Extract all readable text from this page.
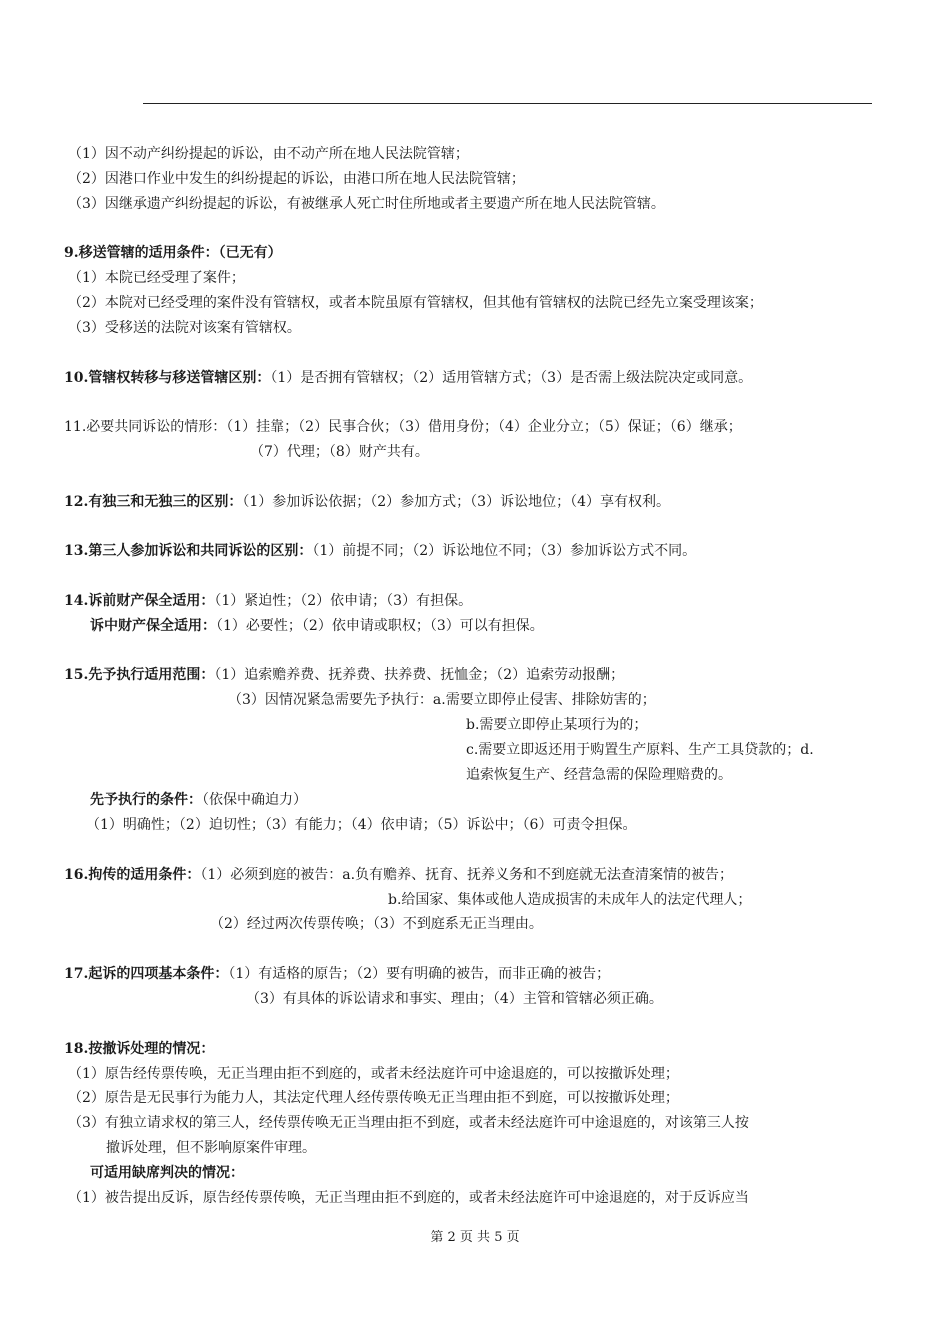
（1）因不动产纠纷提起的诉讼，由不动产所在地人民法院管辖；
（2）因港口作业中发生的纠纷提起的诉讼，由港口所在地人民法院管辖；
（3）因继承遗产纠纷提起的诉讼，有被继承人死亡时住所地或者主要遗产所在地人民法院管辖。
9.移送管辖的适用条件：（已无有）
（1）本院已经受理了案件；
（2）本院对已经受理的案件没有管辖权，或者本院虽原有管辖权，但其他有管辖权的法院已经先立案受理该案；
（3）受移送的法院对该案有管辖权。
10.管辖权转移与移送管辖区别：（1）是否拥有管辖权；（2）适用管辖方式；（3）是否需上级法院决定或同意。
11.必要共同诉讼的情形：（1）挂靠；（2）民事合伙；（3）借用身份；（4）企业分立；（5）保证；（6）继承；
（7）代理；（8）财产共有。
12.有独三和无独三的区别：（1）参加诉讼依据；（2）参加方式；（3）诉讼地位；（4）享有权利。
13.第三人参加诉讼和共同诉讼的区别：（1）前提不同；（2）诉讼地位不同；（3）参加诉讼方式不同。
14.诉前财产保全适用：（1）紧迫性；（2）依申请；（3）有担保。
诉中财产保全适用：（1）必要性；（2）依申请或职权；（3）可以有担保。
15.先予执行适用范围：（1）追索赡养费、抚养费、扶养费、抚恤金；（2）追索劳动报酬；
（3）因情况紧急需要先予执行：a.需要立即停止侵害、排除妨害的；
b.需要立即停止某项行为的；
c.需要立即返还用于购置生产原料、生产工具贷款的；d.
追索恢复生产、经营急需的保险理赔费的。
先予执行的条件：（依保中确迫力）
（1）明确性；（2）迫切性；（3）有能力；（4）依申请；（5）诉讼中；（6）可责令担保。
16.拘传的适用条件：（1）必须到庭的被告：a.负有赡养、抚育、抚养义务和不到庭就无法查清案情的被告；
b.给国家、集体或他人造成损害的未成年人的法定代理人；
（2）经过两次传票传唤；（3）不到庭系无正当理由。
17.起诉的四项基本条件：（1）有适格的原告；（2）要有明确的被告，而非正确的被告；
（3）有具体的诉讼请求和事实、理由；（4）主管和管辖必须正确。
18.按撤诉处理的情况：
（1）原告经传票传唤，无正当理由拒不到庭的，或者未经法庭许可中途退庭的，可以按撤诉处理；
（2）原告是无民事行为能力人，其法定代理人经传票传唤无正当理由拒不到庭，可以按撤诉处理；
（3）有独立请求权的第三人，经传票传唤无正当理由拒不到庭，或者未经法庭许可中途退庭的，对该第三人按
撤诉处理，但不影响原案件审理。
可适用缺席判决的情况：
（1）被告提出反诉，原告经传票传唤，无正当理由拒不到庭的，或者未经法庭许可中途退庭的，对于反诉应当
第 2 页 共 5 页
